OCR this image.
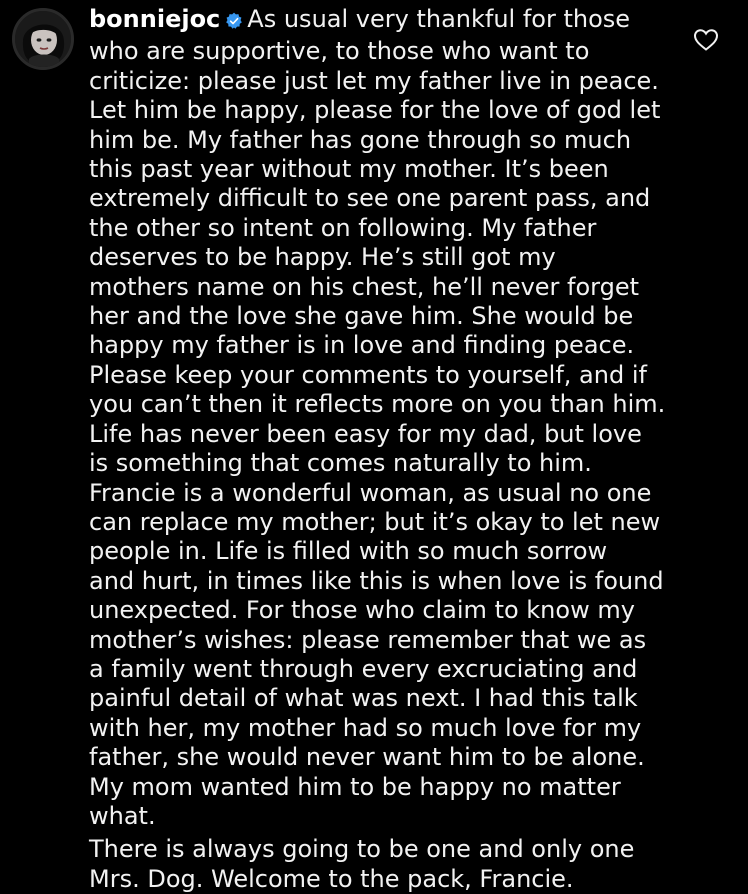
bonniejoc As usual very thankful for those
who are supportive, to those who want to
criticize: please just let my father live in peace.
Let him be happy, please for the love of god let
him be. My father has gone through so much
this past year without my mother. It’s been
extremely difficult to see one parent pass, and
the other so intent on following. My father
deserves to be happy. He’s still got my
mothers name on his chest, he’ll never forget
her and the love she gave him. She would be
happy my father is in love and finding peace.
Please keep your comments to yourself, and if
you can’t then it reflects more on you than him.
Life has never been easy for my dad, but love
is something that comes naturally to him.
Francie is a wonderful woman, as usual no one
can replace my mother; but it’s okay to let new
people in. Life is filled with so much sorrow
and hurt, in times like this is when love is found
unexpected. For those who claim to know my
mother’s wishes: please remember that we as
a family went through every excruciating and
painful detail of what was next. I had this talk
with her, my mother had so much love for my
father, she would never want him to be alone.
My mom wanted him to be happy no matter
what.
There is always going to be one and only one
Mrs. Dog. Welcome to the pack, Francie.
